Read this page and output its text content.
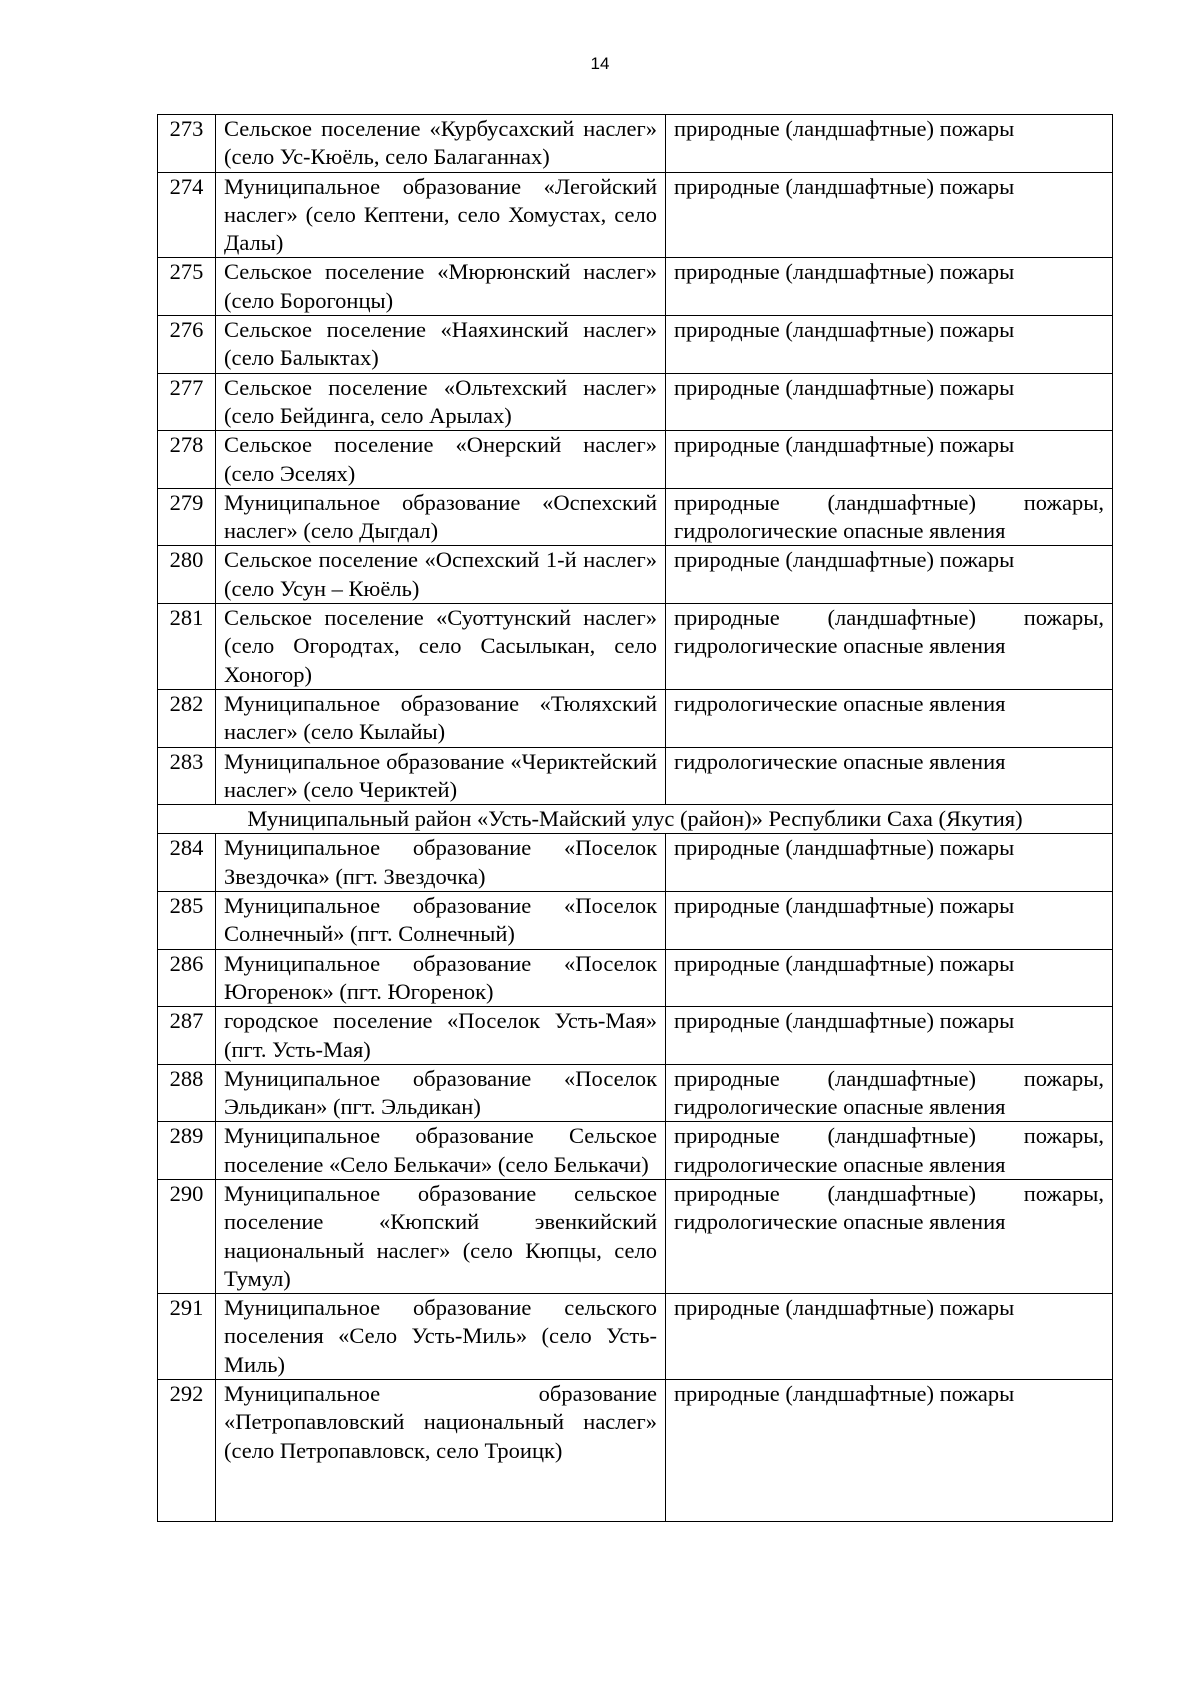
14
273	Сельское поселение «Курбусахский наслег» (село Ус-Кюёль, село Балаганнах)	природные (ландшафтные) пожары
274	Муниципальное образование «Легойский наслег» (село Кептени, село Хомустах, село Далы)	природные (ландшафтные) пожары
275	Сельское поселение «Мюрюнский наслег» (село Борогонцы)	природные (ландшафтные) пожары
276	Сельское поселение «Наяхинский наслег» (село Балыктах)	природные (ландшафтные) пожары
277	Сельское поселение «Ольтехский наслег» (село Бейдинга, село Арылах)	природные (ландшафтные) пожары
278	Сельское поселение «Онерский наслег» (село Эселях)	природные (ландшафтные) пожары
279	Муниципальное образование «Оспехский наслег» (село Дыгдал)	природные (ландшафтные) пожары, гидрологические опасные явления
280	Сельское поселение «Оспехский 1-й наслег» (село Усун – Кюёль)	природные (ландшафтные) пожары
281	Сельское поселение «Суоттунский наслег» (село Огородтах, село Сасылыкан, село Хоногор)	природные (ландшафтные) пожары, гидрологические опасные явления
282	Муниципальное образование «Тюляхский наслег» (село Кылайы)	гидрологические опасные явления
283	Муниципальное образование «Чериктейский наслег» (село Чериктей)	гидрологические опасные явления
Муниципальный район «Усть-Майский улус (район)» Республики Саха (Якутия)		
284	Муниципальное образование «Поселок Звездочка» (пгт. Звездочка)	природные (ландшафтные) пожары
285	Муниципальное образование «Поселок Солнечный» (пгт. Солнечный)	природные (ландшафтные) пожары
286	Муниципальное образование «Поселок Югоренок» (пгт. Югоренок)	природные (ландшафтные) пожары
287	городское поселение «Поселок Усть-Мая» (пгт. Усть-Мая)	природные (ландшафтные) пожары
288	Муниципальное образование «Поселок Эльдикан» (пгт. Эльдикан)	природные (ландшафтные) пожары, гидрологические опасные явления
289	Муниципальное образование Сельское поселение «Село Белькачи» (село Белькачи)	природные (ландшафтные) пожары, гидрологические опасные явления
290	Муниципальное образование сельское поселение «Кюпский эвенкийский национальный наслег» (село Кюпцы, село Тумул)	природные (ландшафтные) пожары, гидрологические опасные явления
291	Муниципальное образование сельского поселения «Село Усть-Миль» (село Усть-Миль)	природные (ландшафтные) пожары
292	Муниципальное образование «Петропавловский национальный наслег» (село Петропавловск, село Троицк)	природные (ландшафтные) пожары
